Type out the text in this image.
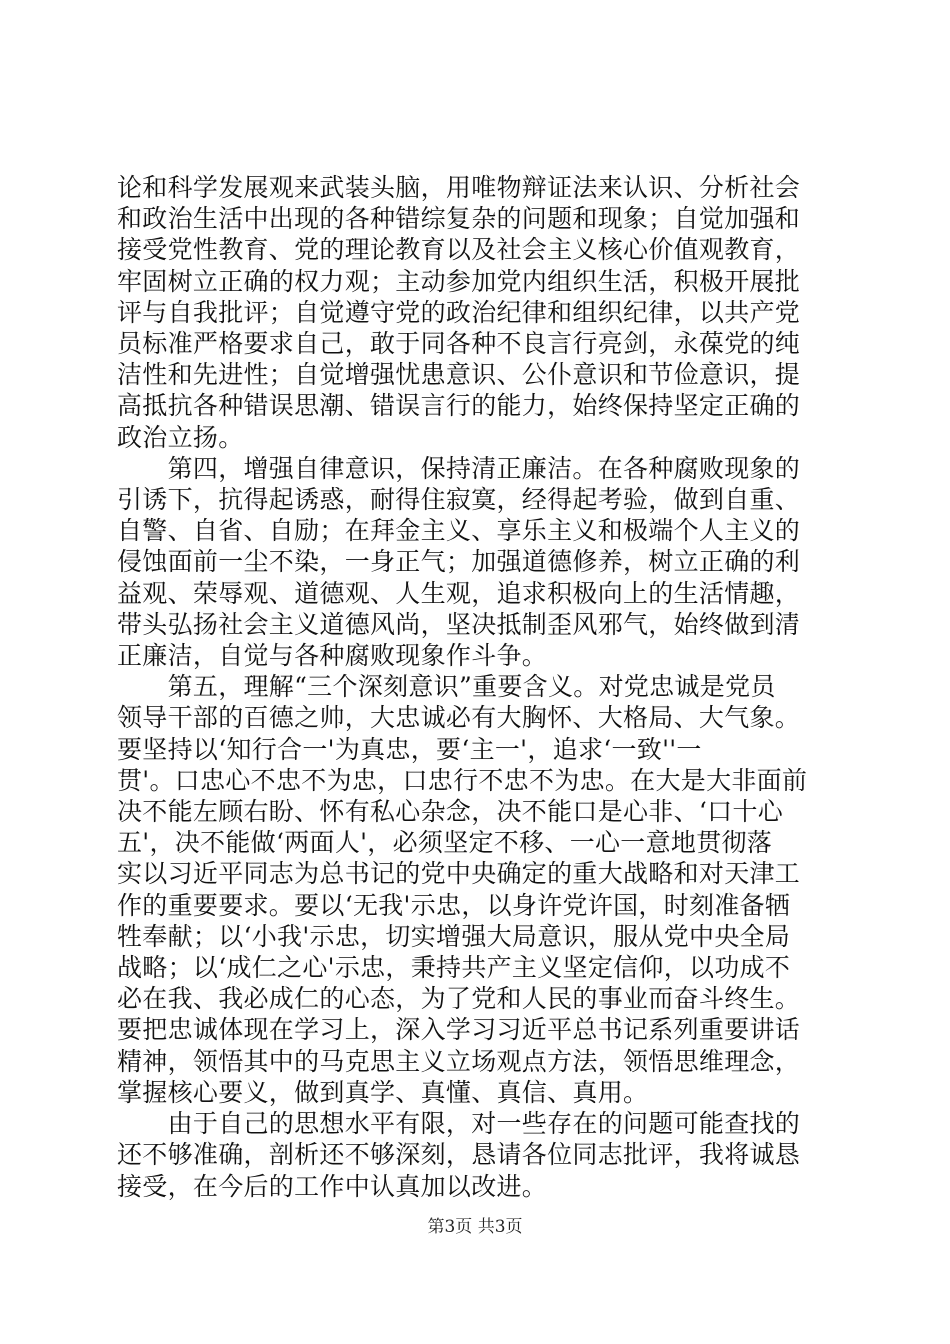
论和科学发展观来武装头脑，用唯物辩证法来认识、分析社会
和政治生活中出现的各种错综复杂的问题和现象；自觉加强和
接受党性教育、党的理论教育以及社会主义核心价值观教育，
牢固树立正确的权力观；主动参加党内组织生活，积极开展批
评与自我批评；自觉遵守党的政治纪律和组织纪律，以共产党
员标准严格要求自己，敢于同各种不良言行亮剑，永葆党的纯
洁性和先进性；自觉增强忧患意识、公仆意识和节俭意识，提
高抵抗各种错误思潮、错误言行的能力，始终保持坚定正确的
政治立扬。

　　第四，增强自律意识，保持清正廉洁。在各种腐败现象的
引诱下，抗得起诱惑，耐得住寂寞，经得起考验，做到自重、
自警、自省、自励；在拜金主义、享乐主义和极端个人主义的
侵蚀面前一尘不染，一身正气；加强道德修养，树立正确的利
益观、荣辱观、道德观、人生观，追求积极向上的生活情趣，
带头弘扬社会主义道德风尚，坚决抵制歪风邪气，始终做到清
正廉洁，自觉与各种腐败现象作斗争。

　　第五，理解“三个深刻意识”重要含义。对党忠诚是党员
领导干部的百德之帅，大忠诚必有大胸怀、大格局、大气象。
要坚持以‘知行合一'为真忠，要‘主一'，追求‘一致''一
贯'。口忠心不忠不为忠，口忠行不忠不为忠。在大是大非面前
决不能左顾右盼、怀有私心杂念，决不能口是心非、‘口十心
五'，决不能做‘两面人'，必须坚定不移、一心一意地贯彻落
实以习近平同志为总书记的党中央确定的重大战略和对天津工
作的重要要求。要以‘无我'示忠，以身许党许国，时刻准备牺
牲奉献；以‘小我'示忠，切实增强大局意识，服从党中央全局
战略；以‘成仁之心'示忠，秉持共产主义坚定信仰，以功成不
必在我、我必成仁的心态，为了党和人民的事业而奋斗终生。
要把忠诚体现在学习上，深入学习习近平总书记系列重要讲话
精神，领悟其中的马克思主义立场观点方法，领悟思维理念，
掌握核心要义，做到真学、真懂、真信、真用。

　　由于自己的思想水平有限，对一些存在的问题可能查找的
还不够准确，剖析还不够深刻，恳请各位同志批评，我将诚恳
接受，在今后的工作中认真加以改进。

第3页 共3页
